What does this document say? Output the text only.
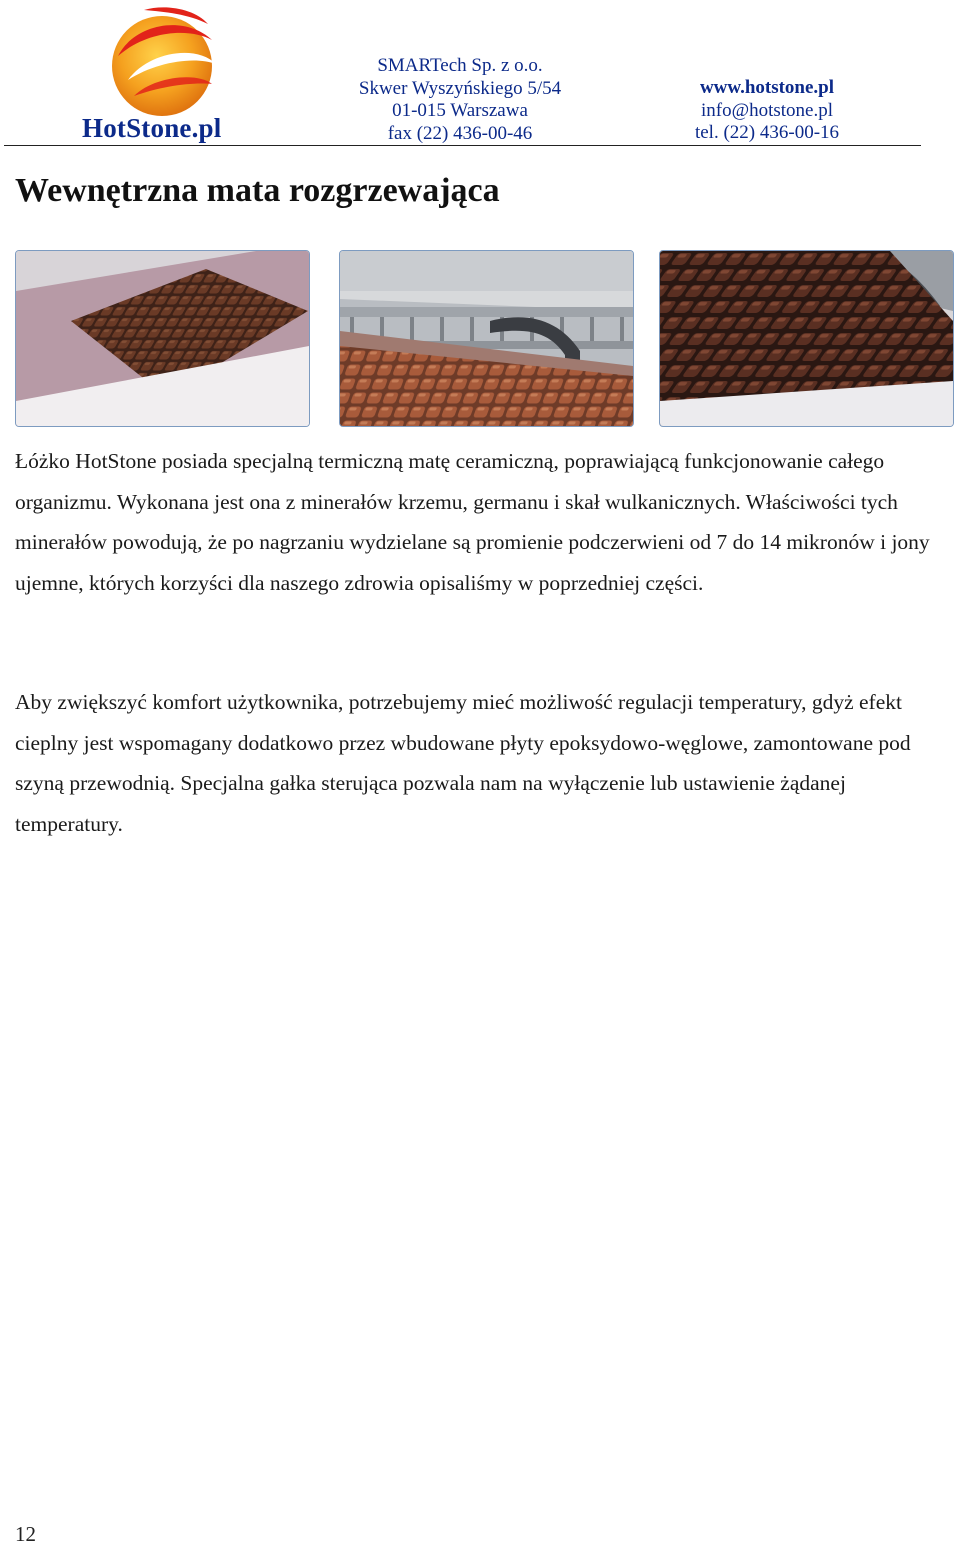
HotStone.pl
SMARTech Sp. z o.o.
Skwer Wyszyńskiego 5/54
01-015 Warszawa
fax (22) 436-00-46
www.hotstone.pl
info@hotstone.pl
tel. (22) 436-00-16
Wewnętrzna mata rozgrzewająca

Łóżko HotStone posiada specjalną termiczną matę ceramiczną, poprawiającą funkcjonowanie całego organizmu. Wykonana jest ona z minerałów krzemu, germanu i skał wulkanicznych. Właściwości tych minerałów powodują, że po nagrzaniu wydzielane są promienie podczerwieni od 7 do 14 mikronów i jony ujemne, których korzyści dla naszego zdrowia opisaliśmy w poprzedniej części.

Aby zwiększyć komfort użytkownika, potrzebujemy mieć możliwość regulacji temperatury, gdyż efekt cieplny jest wspomagany dodatkowo przez wbudowane płyty epoksydowo-węglowe, zamontowane pod szyną przewodnią. Specjalna gałka sterująca pozwala nam na wyłączenie lub ustawienie żądanej temperatury.

12
